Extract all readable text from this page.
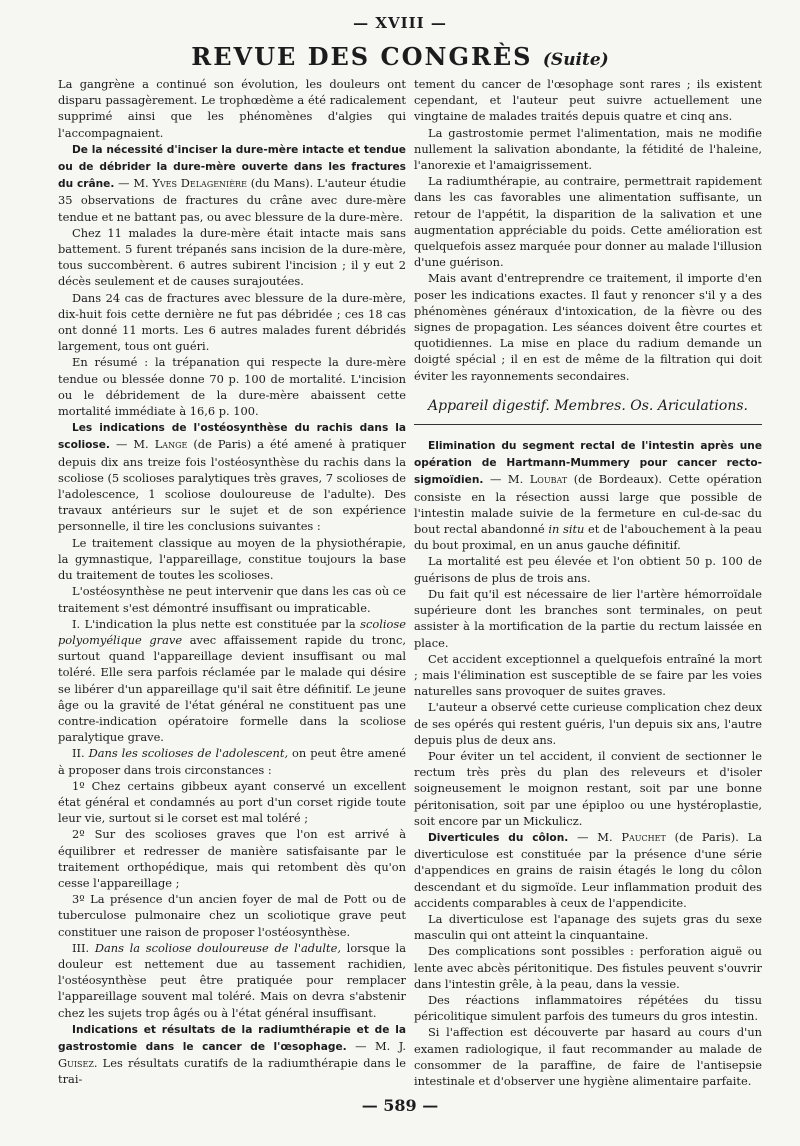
— XVIII —
REVUE DES CONGRÈS (Suite)

La gangrène a continué son évolution, les douleurs ont disparu passagèrement. Le trophœdème a été radicalement supprimé ainsi que les phénomènes d'algies qui l'accompagnaient.

De la nécessité d'inciser la dure-mère intacte et tendue ou de débrider la dure-mère ouverte dans les fractures du crâne. — M. Yves Delagenière (du Mans). L'auteur étudie 35 observations de fractures du crâne avec dure-mère tendue et ne battant pas, ou avec blessure de la dure-mère.

Chez 11 malades la dure-mère était intacte mais sans battement. 5 furent trépanés sans incision de la dure-mère, tous succombèrent. 6 autres subirent l'incision ; il y eut 2 décès seulement et de causes surajoutées.

Dans 24 cas de fractures avec blessure de la dure-mère, dix-huit fois cette dernière ne fut pas débridée ; ces 18 cas ont donné 11 morts. Les 6 autres malades furent débridés largement, tous ont guéri.

En résumé : la trépanation qui respecte la dure-mère tendue ou blessée donne 70 p. 100 de mortalité. L'incision ou le débridement de la dure-mère abaissent cette mortalité immédiate à 16,6 p. 100.

Les indications de l'ostéosynthèse du rachis dans la scoliose. — M. Lange (de Paris) a été amené à pratiquer depuis dix ans treize fois l'ostéosynthèse du rachis dans la scoliose (5 scolioses paralytiques très graves, 7 scolioses de l'adolescence, 1 scoliose douloureuse de l'adulte). Des travaux antérieurs sur le sujet et de son expérience personnelle, il tire les conclusions suivantes :

Le traitement classique au moyen de la physiothérapie, la gymnastique, l'appareillage, constitue toujours la base du traitement de toutes les scolioses.

L'ostéosynthèse ne peut intervenir que dans les cas où ce traitement s'est démontré insuffisant ou impraticable.

I. L'indication la plus nette est constituée par la scoliose polyomyélique grave avec affaissement rapide du tronc, surtout quand l'appareillage devient insuffisant ou mal toléré. Elle sera parfois réclamée par le malade qui désire se libérer d'un appareillage qu'il sait être définitif. Le jeune âge ou la gravité de l'état général ne constituent pas une contre-indication opératoire formelle dans la scoliose paralytique grave.

II. Dans les scolioses de l'adolescent, on peut être amené à proposer dans trois circonstances :

1º Chez certains gibbeux ayant conservé un excellent état général et condamnés au port d'un corset rigide toute leur vie, surtout si le corset est mal toléré ;

2º Sur des scolioses graves que l'on est arrivé à équilibrer et redresser de manière satisfaisante par le traitement orthopédique, mais qui retombent dès qu'on cesse l'appareillage ;

3º La présence d'un ancien foyer de mal de Pott ou de tuberculose pulmonaire chez un scoliotique grave peut constituer une raison de proposer l'ostéosynthèse.

III. Dans la scoliose douloureuse de l'adulte, lorsque la douleur est nettement due au tassement rachidien, l'ostéosynthèse peut être pratiquée pour remplacer l'appareillage souvent mal toléré. Mais on devra s'abstenir chez les sujets trop âgés ou à l'état général insuffisant.

Indications et résultats de la radiumthérapie et de la gastrostomie dans le cancer de l'œsophage. — M. J. Guisez. Les résultats curatifs de la radiumthérapie dans le trai-

tement du cancer de l'œsophage sont rares ; ils existent cependant, et l'auteur peut suivre actuellement une vingtaine de malades traités depuis quatre et cinq ans.

La gastrostomie permet l'alimentation, mais ne modifie nullement la salivation abondante, la fétidité de l'haleine, l'anorexie et l'amaigrissement.

La radiumthérapie, au contraire, permettrait rapidement dans les cas favorables une alimentation suffisante, un retour de l'appétit, la disparition de la salivation et une augmentation appréciable du poids. Cette amélioration est quelquefois assez marquée pour donner au malade l'illusion d'une guérison.

Mais avant d'entreprendre ce traitement, il importe d'en poser les indications exactes. Il faut y renoncer s'il y a des phénomènes généraux d'intoxication, de la fièvre ou des signes de propagation. Les séances doivent être courtes et quotidiennes. La mise en place du radium demande un doigté spécial ; il en est de même de la filtration qui doit éviter les rayonnements secondaires.

Appareil digestif. Membres. Os. Ariculations.

Elimination du segment rectal de l'intestin après une opération de Hartmann-Mummery pour cancer recto-sigmoïdien. — M. Loubat (de Bordeaux). Cette opération consiste en la résection aussi large que possible de l'intestin malade suivie de la fermeture en cul-de-sac du bout rectal abandonné in situ et de l'abouchement à la peau du bout proximal, en un anus gauche définitif.

La mortalité est peu élevée et l'on obtient 50 p. 100 de guérisons de plus de trois ans.

Du fait qu'il est nécessaire de lier l'artère hémorroïdale supérieure dont les branches sont terminales, on peut assister à la mortification de la partie du rectum laissée en place.

Cet accident exceptionnel a quelquefois entraîné la mort ; mais l'élimination est susceptible de se faire par les voies naturelles sans provoquer de suites graves.

L'auteur a observé cette curieuse complication chez deux de ses opérés qui restent guéris, l'un depuis six ans, l'autre depuis plus de deux ans.

Pour éviter un tel accident, il convient de sectionner le rectum très près du plan des releveurs et d'isoler soigneusement le moignon restant, soit par une bonne péritonisation, soit par une épiploo ou une hystéroplastie, soit encore par un Mickulicz.

Diverticules du côlon. — M. Pauchet (de Paris). La diverticulose est constituée par la présence d'une série d'appendices en grains de raisin étagés le long du côlon descendant et du sigmoïde. Leur inflammation produit des accidents comparables à ceux de l'appendicite.

La diverticulose est l'apanage des sujets gras du sexe masculin qui ont atteint la cinquantaine.

Des complications sont possibles : perforation aiguë ou lente avec abcès péritonitique. Des fistules peuvent s'ouvrir dans l'intestin grêle, à la peau, dans la vessie.

Des réactions inflammatoires répétées du tissu péricolitique simulent parfois des tumeurs du gros intestin.

Si l'affection est découverte par hasard au cours d'un examen radiologique, il faut recommander au malade de consommer de la paraffine, de faire de l'antisepsie intestinale et d'observer une hygiène alimentaire parfaite.

— 589 —
